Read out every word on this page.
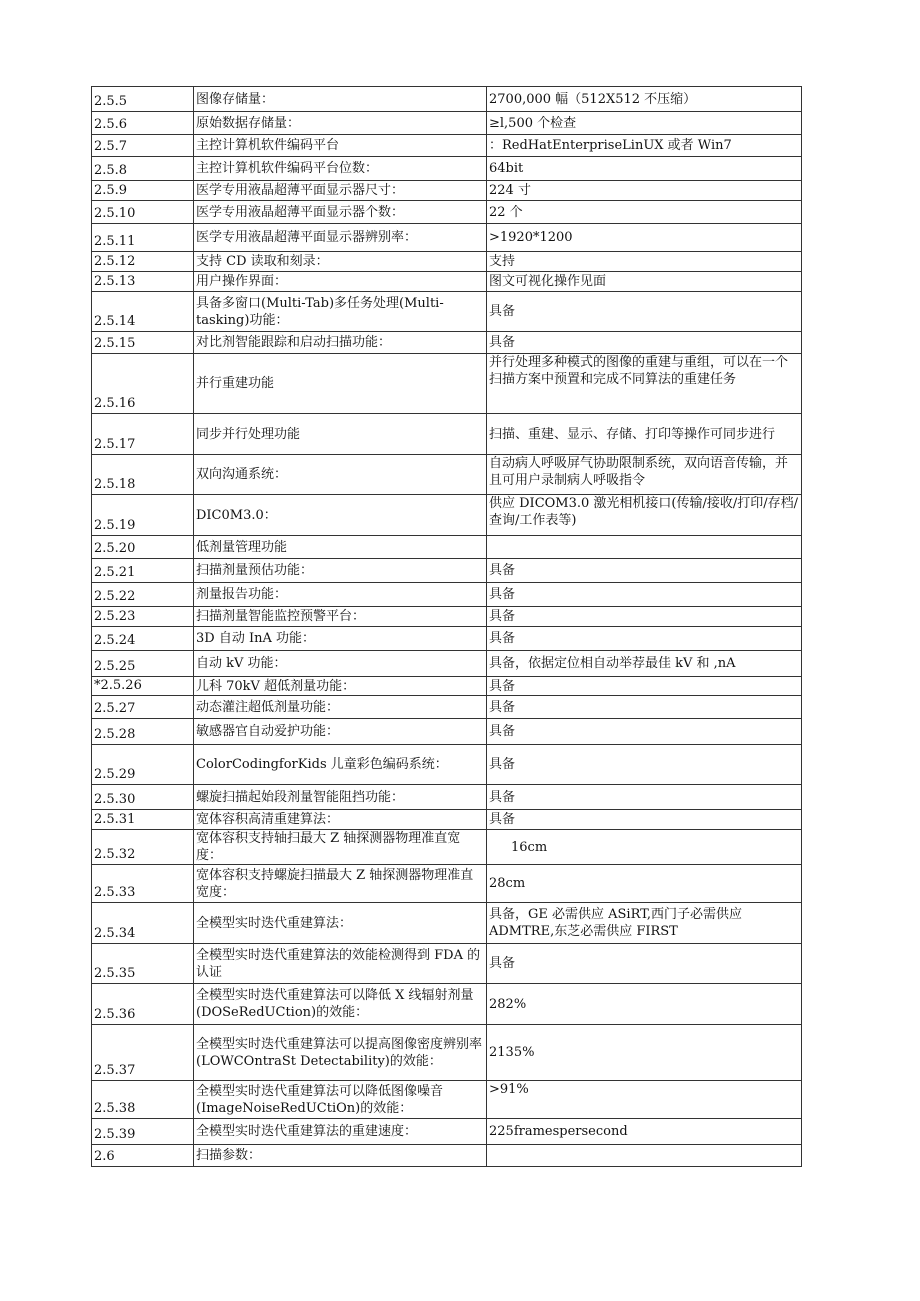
2.5.5	图像存储量：	2700,000 幅（512X512 不压缩）
2.5.6	原始数据存储量：	≥l,500 个检查
2.5.7	主控计算机软件编码平台	：RedHatEnterpriseLinUX 或者 Win7
2.5.8	主控计算机软件编码平台位数：	64bit
2.5.9	医学专用液晶超薄平面显示器尺寸：	224 寸
2.5.10	医学专用液晶超薄平面显示器个数：	22 个
2.5.11	医学专用液晶超薄平面显示器辨别率：	>1920*1200
2.5.12	支持 CD 读取和刻录：	支持
2.5.13	用户操作界面：	图文可视化操作见面
2.5.14	具备多窗口(Multi-Tab)多任务处理(Multi-tasking)功能：	具备
2.5.15	对比剂智能跟踪和启动扫描功能：	具备
2.5.16	并行重建功能	并行处理多种模式的图像的重建与重组，可以在一个扫描方案中预置和完成不同算法的重建任务
2.5.17	同步并行处理功能	扫描、重建、显示、存储、打印等操作可同步进行
2.5.18	双向沟通系统：	自动病人呼吸屏气协助限制系统，双向语音传输，并且可用户录制病人呼吸指令
2.5.19	DIC0M3.0：	供应 DICOM3.0 激光相机接口(传输/接收/打印/存档/查询/工作表等)
2.5.20	低剂量管理功能	
2.5.21	扫描剂量预估功能：	具备
2.5.22	剂量报告功能：	具备
2.5.23	扫描剂量智能监控预警平台：	具备
2.5.24	3D 自动 InA 功能：	具备
2.5.25	自动 kV 功能：	具备，依据定位相自动举荐最佳 kV 和 ,nA
*2.5.26	儿科 70kV 超低剂量功能：	具备
2.5.27	动态灌注超低剂量功能：	具备
2.5.28	敏感器官自动爱护功能：	具备
2.5.29	ColorCodingforKids 儿童彩色编码系统：	具备
2.5.30	螺旋扫描起始段剂量智能阻挡功能：	具备
2.5.31	宽体容积高清重建算法：	具备
2.5.32	宽体容积支持轴扫最大 Z 轴探测器物理准直宽度：	16cm
2.5.33	宽体容积支持螺旋扫描最大 Z 轴探测器物理准直宽度：	28cm
2.5.34	全模型实时迭代重建算法：	具备，GE 必需供应 ASiRT,西门子必需供应 ADMTRE,东芝必需供应 FIRST
2.5.35	全模型实时迭代重建算法的效能检测得到 FDA 的认证	具备
2.5.36	全模型实时迭代重建算法可以降低 X 线辐射剂量(DOSeRedUCtion)的效能：	282%
2.5.37	全模型实时迭代重建算法可以提高图像密度辨别率(LOWCOntraSt Detectability)的效能：	2135%
2.5.38	全模型实时迭代重建算法可以降低图像噪音(ImageNoiseRedUCtiOn)的效能：	>91%
2.5.39	全模型实时迭代重建算法的重建速度：	225framespersecond
2.6	扫描参数：	
